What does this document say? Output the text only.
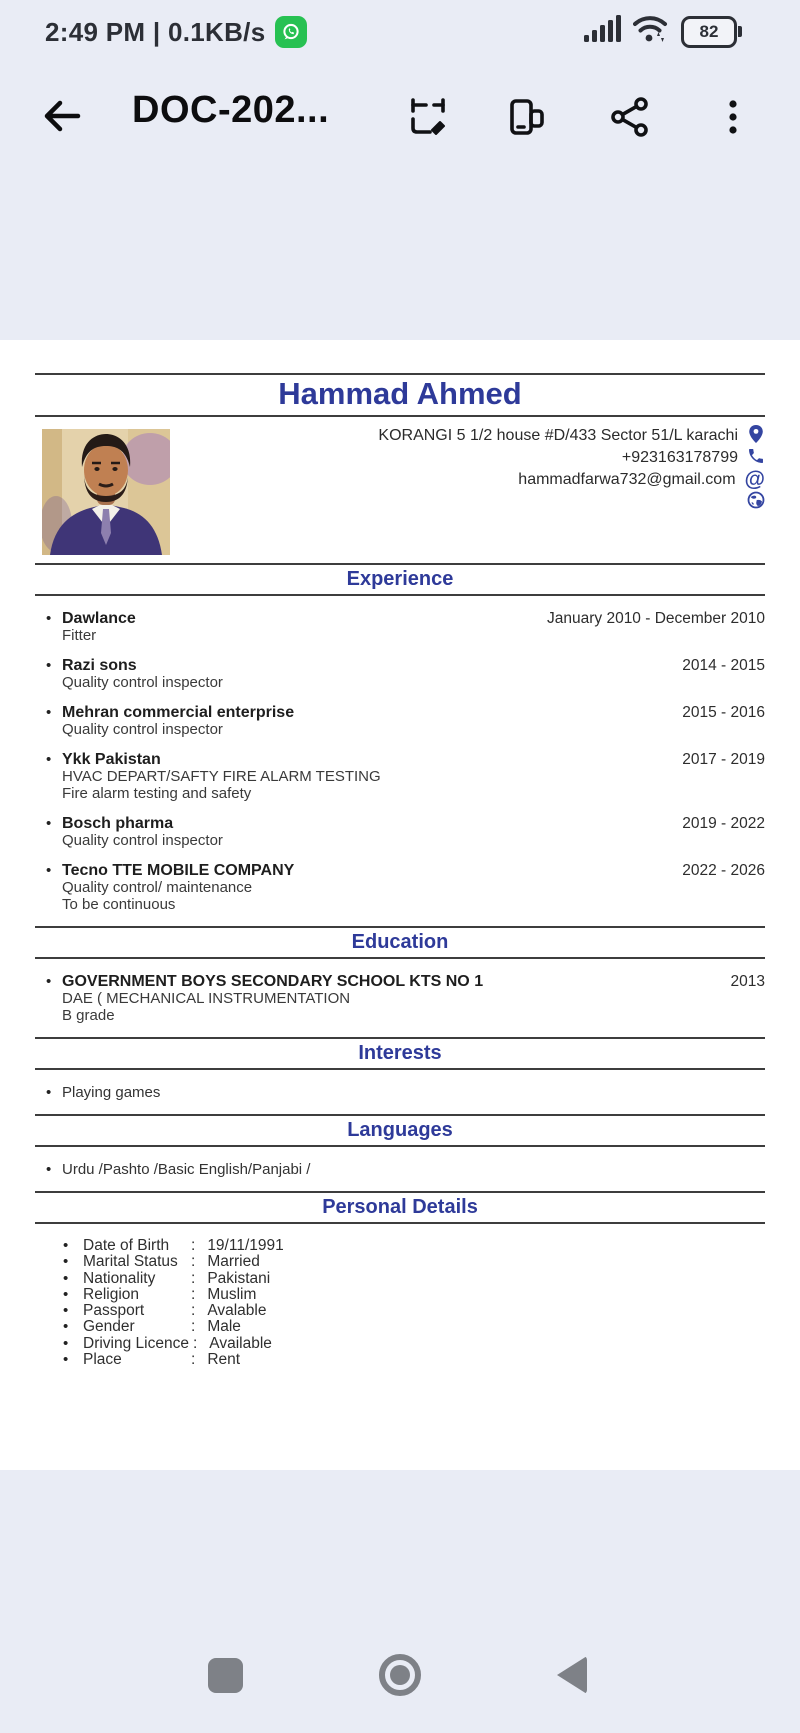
2:49 PM | 0.1KB/s	82
DOC-202...
Hammad Ahmed
KORANGI 5 1/2 house #D/433 Sector 51/L karachi
+923163178799
hammadfarwa732@gmail.com @
Experience
• Dawlance
Fitter
January 2010 - December 2010
• Razi sons
Quality control inspector
2014 - 2015
• Mehran commercial enterprise
Quality control inspector
2015 - 2016
• Ykk Pakistan
HVAC DEPART/SAFTY FIRE ALARM TESTING
Fire alarm testing and safety
2017 - 2019
• Bosch pharma
Quality control inspector
2019 - 2022
• Tecno TTE MOBILE COMPANY
Quality control/ maintenance
To be continuous
2022 - 2026
Education
• GOVERNMENT BOYS SECONDARY SCHOOL KTS NO 1
DAE ( MECHANICAL INSTRUMENTATION
B grade
2013
Interests
• Playing games
Languages
• Urdu /Pashto /Basic English/Panjabi /
Personal Details
• Date of Birth	: 19/11/1991
• Marital Status : Married
• Nationality	: Pakistani
• Religion	: Muslim
• Passport	: Avalable
• Gender	: Male
• Driving Licence : Available
• Place	: Rent
